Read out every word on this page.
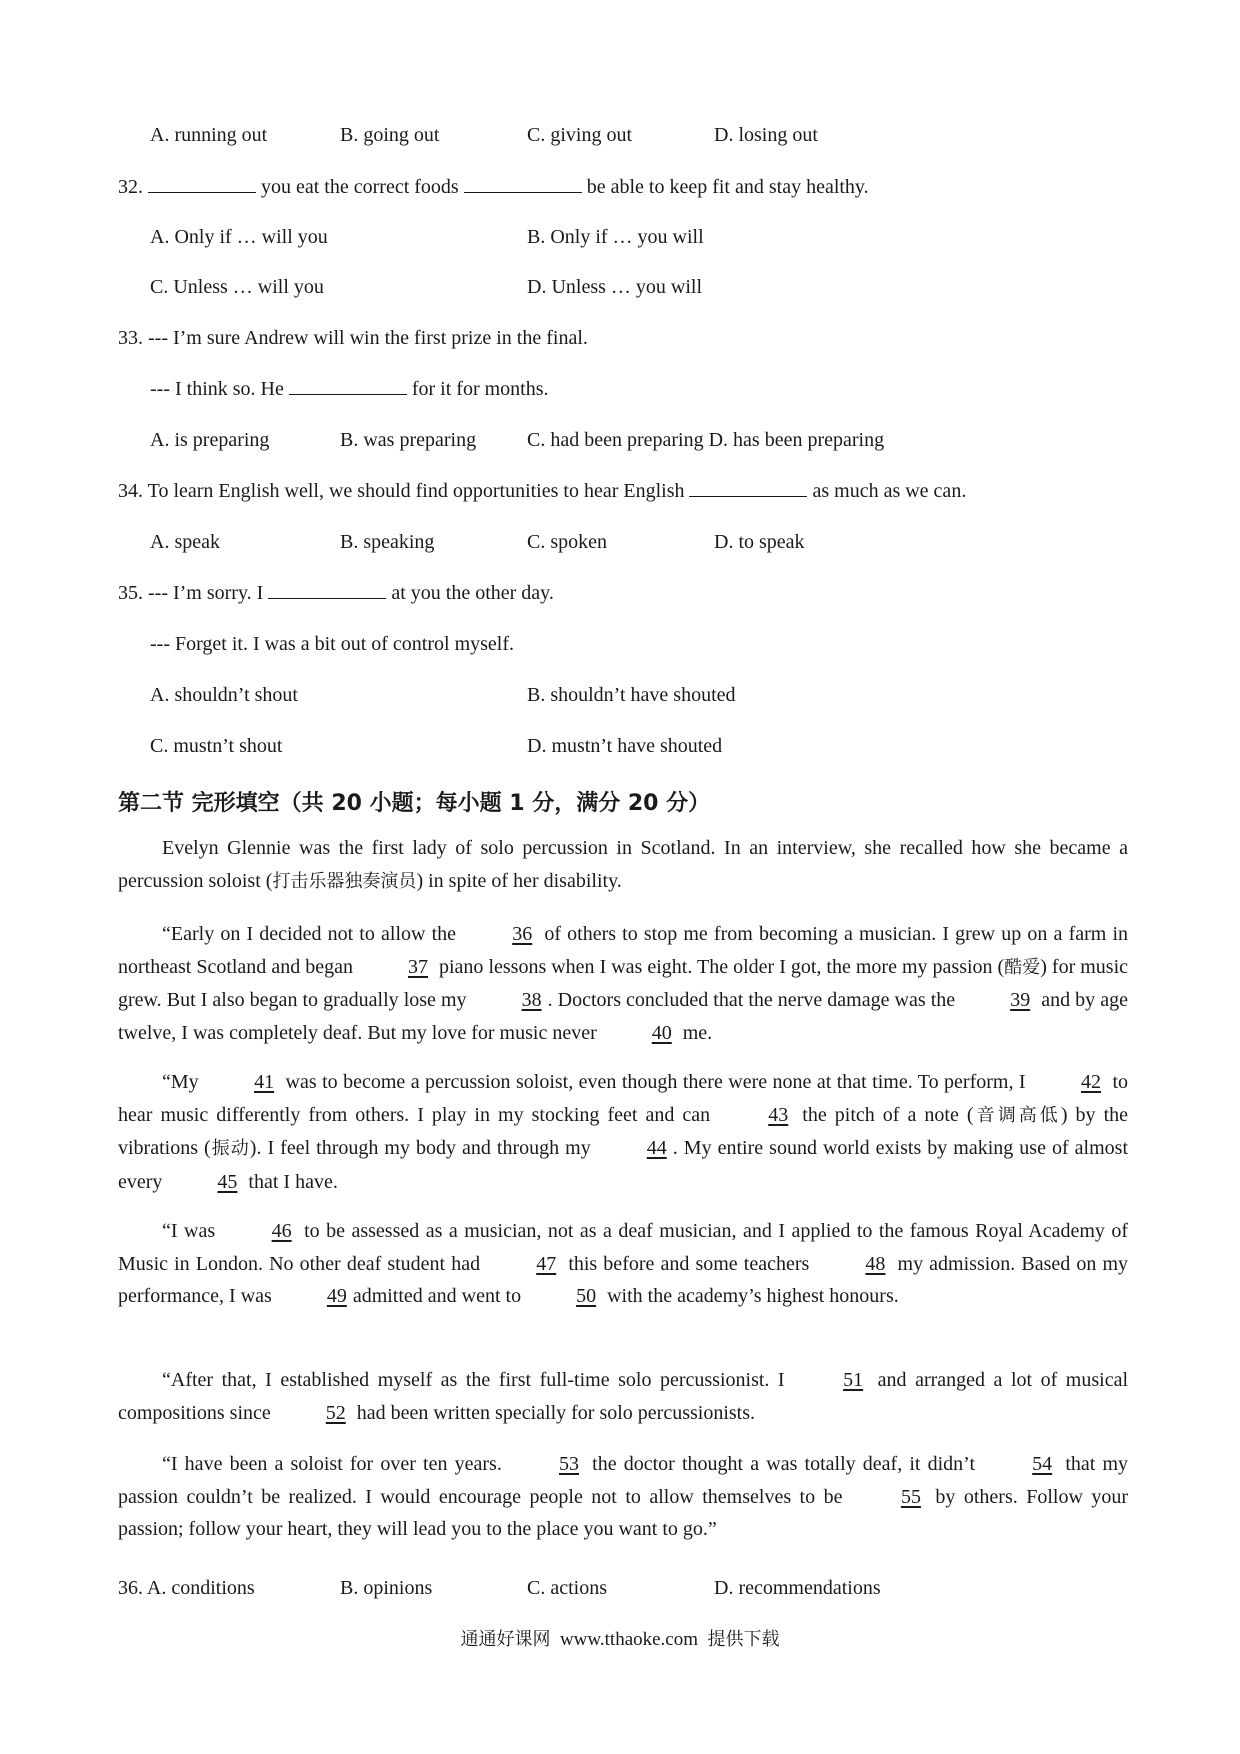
A. running out	B. going out	C. giving out	D. losing out
32.	you eat the correct foods	be able to keep fit and stay healthy.
A. Only if … will you	B. Only if … you will
C. Unless … will you	D. Unless … you will
33. --- I’m sure Andrew will win the first prize in the final.
--- I think so. He	for it for months.
A. is preparing	B. was preparing	C. had been preparing D. has been preparing
34. To learn English well, we should find opportunities to hear English	as much as we can.
A. speak	B. speaking	C. spoken	D. to speak
35. --- I’m sorry. I	at you the other day.
--- Forget it. I was a bit out of control myself.
A. shouldn’t shout	B. shouldn’t have shouted
C. mustn’t shout	D. mustn’t have shouted
第二节 完形填空（共 20 小题；每小题 1 分，满分 20 分）
Evelyn Glennie was the first lady of solo percussion in Scotland. In an interview, she recalled how she became a percussion soloist (打击乐器独奏演员) in spite of her disability.
“Early on I decided not to allow the	36 of others to stop me from becoming a musician. I grew up on a farm in northeast Scotland and began	37 piano lessons when I was eight. The older I got, the more my passion (酷爱) for music grew. But I also began to gradually lose my	38 . Doctors concluded that the nerve damage was the	39 and by age twelve, I was completely deaf. But my love for music never	40 me.
“My	41 was to become a percussion soloist, even though there were none at that time. To perform, I	42 to hear music differently from others. I play in my stocking feet and can	43 the pitch of a note (音调高低) by the vibrations (振动). I feel through my body and through my	44 . My entire sound world exists by making use of almost every	45 that I have.
“I was	46 to be assessed as a musician, not as a deaf musician, and I applied to the famous Royal Academy of Music in London. No other deaf student had	47 this before and some teachers	48 my admission. Based on my performance, I was	49 admitted and went to	50 with the academy’s highest honours.
“After that, I established myself as the first full-time solo percussionist. I	51 and arranged a lot of musical compositions since	52 had been written specially for solo percussionists.
“I have been a soloist for over ten years.	53 the doctor thought a was totally deaf, it didn’t	54 that my passion couldn’t be realized. I would encourage people not to allow themselves to be	55 by others. Follow your passion; follow your heart, they will lead you to the place you want to go.”
36. A. conditions	B. opinions	C. actions	D. recommendations
通通好课网 www.tthaoke.com 提供下载
